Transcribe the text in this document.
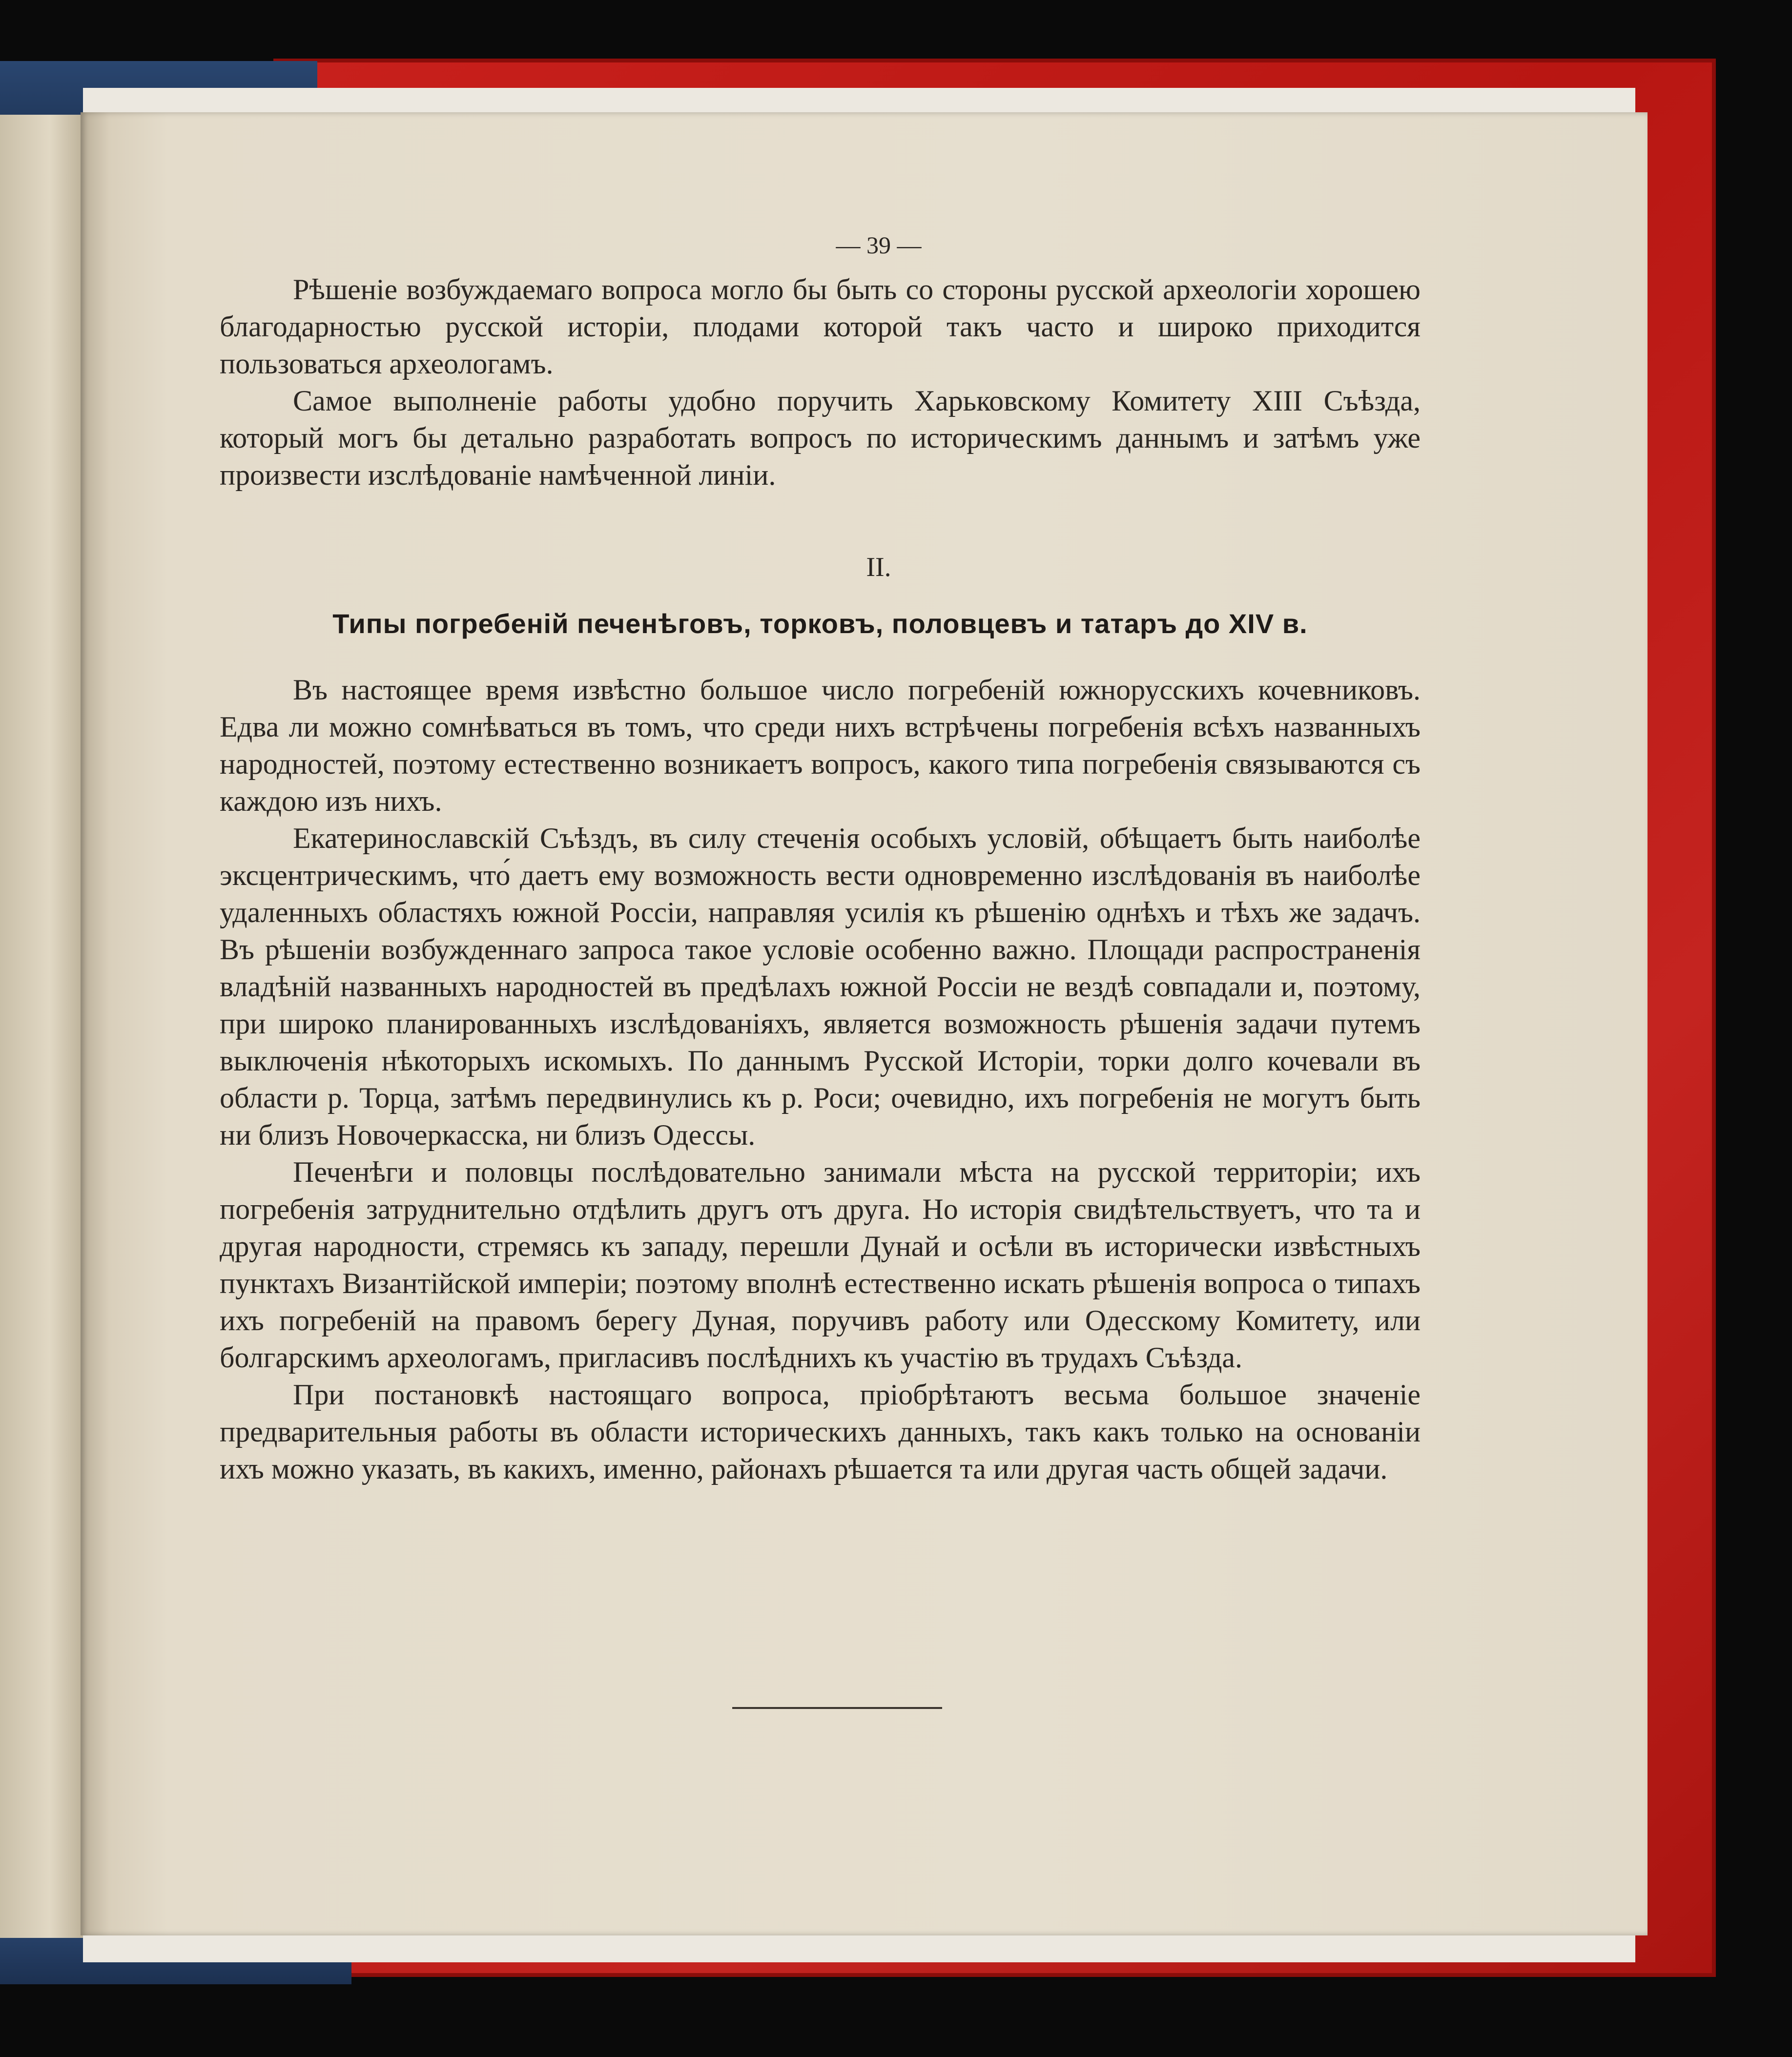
— 39 —

Рѣшеніе возбуждаемаго вопроса могло бы быть со стороны русской археологіи хорошею благодарностью русской исторіи, плодами которой такъ часто и широко приходится пользоваться археологамъ.

Самое выполненіе работы удобно поручить Харьковскому Комитету XIII Съѣзда, который могъ бы детально разработать вопросъ по историческимъ даннымъ и затѣмъ уже произвести изслѣдованіе намѣченной линіи.

II.
Типы погребеній печенѣговъ, торковъ, половцевъ и татаръ до XIV в.

Въ настоящее время извѣстно большое число погребеній южнорусскихъ кочевниковъ. Едва ли можно сомнѣваться въ томъ, что среди нихъ встрѣчены погребенія всѣхъ названныхъ народностей, поэтому естественно возникаетъ вопросъ, какого типа погребенія связываются съ каждою изъ нихъ.

Екатеринославскій Съѣздъ, въ силу стеченія особыхъ условій, обѣщаетъ быть наиболѣе эксцентрическимъ, что́ даетъ ему возможность вести одновременно изслѣдованія въ наиболѣе удаленныхъ областяхъ южной Россіи, направляя усилія къ рѣшенію однѣхъ и тѣхъ же задачъ. Въ рѣшеніи возбужденнаго запроса такое условіе особенно важно. Площади распространенія владѣній названныхъ народностей въ предѣлахъ южной Россіи не вездѣ совпадали и, поэтому, при широко планированныхъ изслѣдованіяхъ, является возможность рѣшенія задачи путемъ выключенія нѣкоторыхъ искомыхъ. По даннымъ Русской Исторіи, торки долго кочевали въ области р. Торца, затѣмъ передвинулись къ р. Роси; очевидно, ихъ погребенія не могутъ быть ни близъ Новочеркасска, ни близъ Одессы.

Печенѣги и половцы послѣдовательно занимали мѣста на русской территоріи; ихъ погребенія затруднительно отдѣлить другъ отъ друга. Но исторія свидѣтельствуетъ, что та и другая народности, стремясь къ западу, перешли Дунай и осѣли въ исторически извѣстныхъ пунктахъ Византійской имперіи; поэтому вполнѣ естественно искать рѣшенія вопроса о типахъ ихъ погребеній на правомъ берегу Дуная, поручивъ работу или Одесскому Комитету, или болгарскимъ археологамъ, пригласивъ послѣднихъ къ участію въ трудахъ Съѣзда.

При постановкѣ настоящаго вопроса, пріобрѣтаютъ весьма большое значеніе предварительныя работы въ области историческихъ данныхъ, такъ какъ только на основаніи ихъ можно указать, въ какихъ, именно, районахъ рѣшается та или другая часть общей задачи.
